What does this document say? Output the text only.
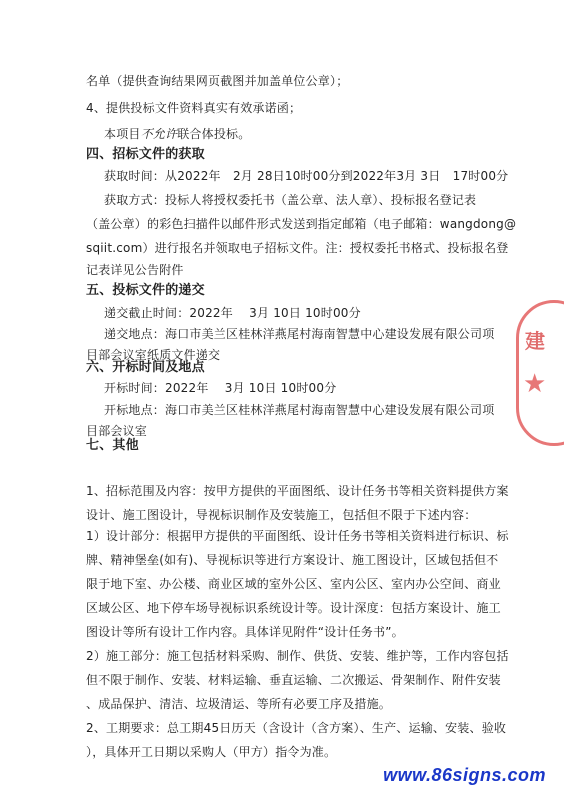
名单（提供查询结果网页截图并加盖单位公章）；
4、提供投标文件资料真实有效承诺函；
本项目不允许联合体投标。
四、招标文件的获取
获取时间：从2022年　2月 28日10时00分到2022年3月 3日　17时00分
获取方式：投标人将授权委托书（盖公章、法人章）、投标报名登记表
（盖公章）的彩色扫描件以邮件形式发送到指定邮箱（电子邮箱：wangdong@
sqiit.com）进行报名并领取电子招标文件。注：授权委托书格式、投标报名登
记表详见公告附件
五、投标文件的递交
递交截止时间：2022年　 3月 10日 10时00分
递交地点：海口市美兰区桂林洋燕尾村海南智慧中心建设发展有限公司项
目部会议室纸质文件递交
六、开标时间及地点
开标时间：2022年　 3月 10日 10时00分
开标地点：海口市美兰区桂林洋燕尾村海南智慧中心建设发展有限公司项
目部会议室
七、其他
1、招标范围及内容：按甲方提供的平面图纸、设计任务书等相关资料提供方案
设计、施工图设计，导视标识制作及安装施工，包括但不限于下述内容：
1）设计部分：根据甲方提供的平面图纸、设计任务书等相关资料进行标识、标
牌、精神堡垒(如有)、导视标识等进行方案设计、施工图设计，区域包括但不
限于地下室、办公楼、商业区域的室外公区、室内公区、室内办公空间、商业
区域公区、地下停车场导视标识系统设计等。设计深度：包括方案设计、施工
图设计等所有设计工作内容。具体详见附件“设计任务书”。
2）施工部分：施工包括材料采购、制作、供货、安装、维护等，工作内容包括
但不限于制作、安装、材料运输、垂直运输、二次搬运、骨架制作、附件安装
、成品保护、清洁、垃圾清运、等所有必要工序及措施。
2、工期要求：总工期45日历天（含设计（含方案）、生产、运输、安装、验收
），具体开工日期以采购人（甲方）指令为准。
建
★
www.86signs.com
